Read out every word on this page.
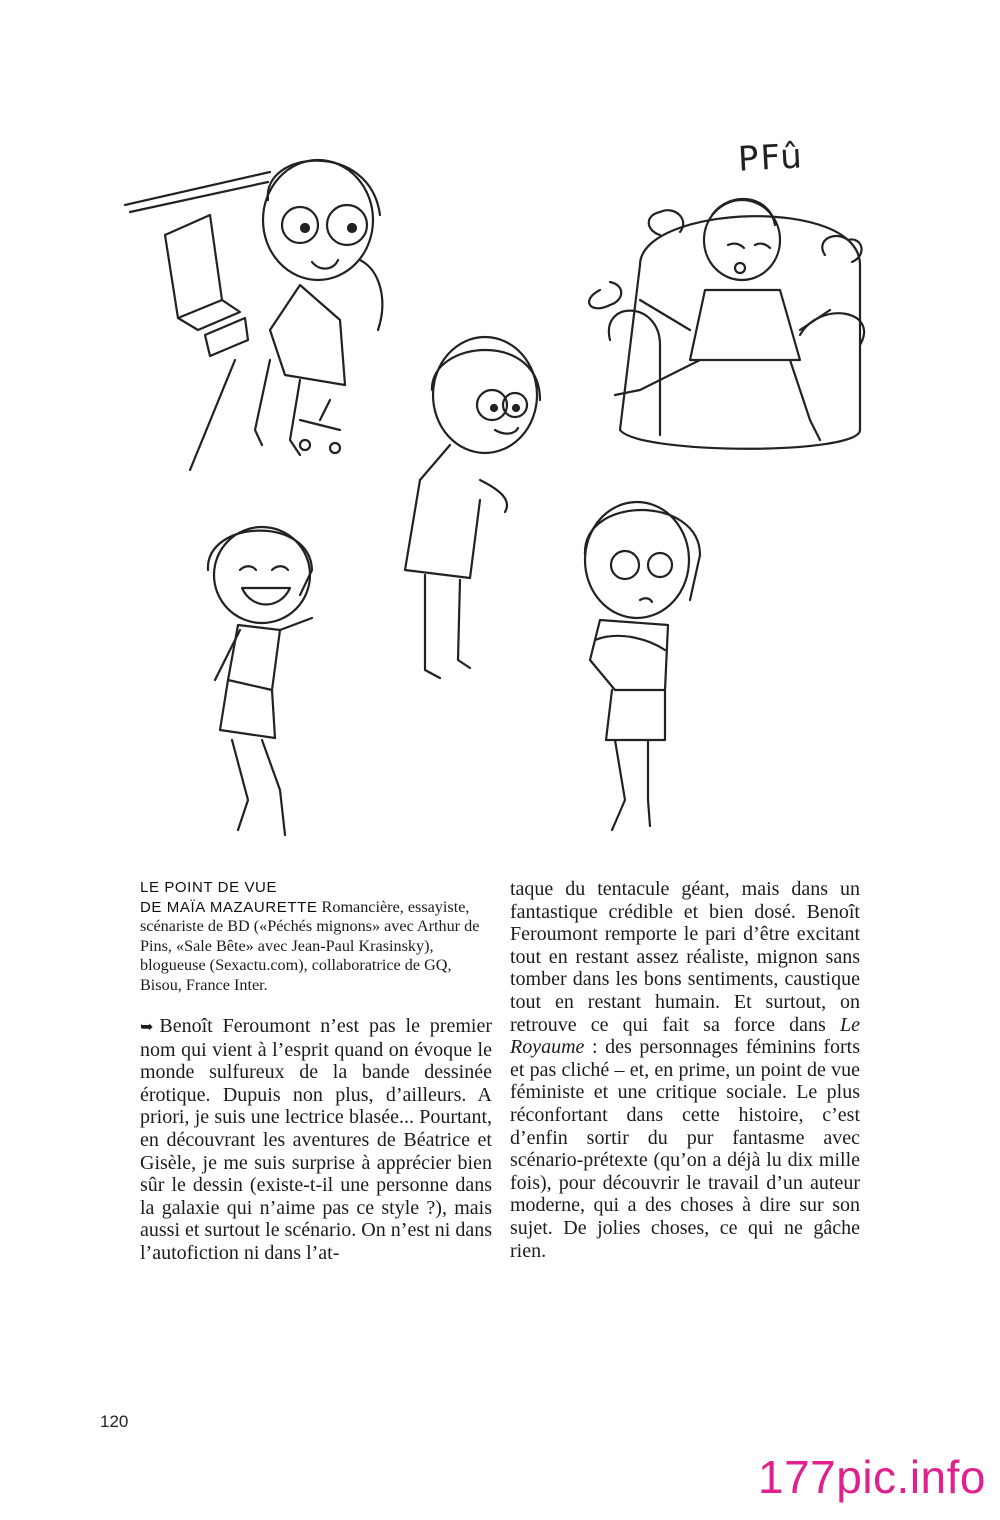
PFû

LE POINT DE VUE
DE MAÏA MAZAURETTE Romancière, essayiste, scénariste de BD («Péchés mignons» avec Arthur de Pins, «Sale Bête» avec Jean-Paul Krasinsky), blogueuse (Sexactu.com), collaboratrice de GQ, Bisou, France Inter.

➥ Benoît Feroumont n’est pas le premier nom qui vient à l’esprit quand on évoque le monde sulfureux de la bande dessinée érotique. Dupuis non plus, d’ailleurs. A priori, je suis une lectrice blasée... Pourtant, en découvrant les aventures de Béatrice et Gisèle, je me suis surprise à apprécier bien sûr le dessin (existe-t-il une personne dans la galaxie qui n’aime pas ce style ?), mais aussi et surtout le scénario. On n’est ni dans l’autofiction ni dans l’at-

taque du tentacule géant, mais dans un fantastique crédible et bien dosé. Benoît Feroumont remporte le pari d’être excitant tout en restant assez réaliste, mignon sans tomber dans les bons sentiments, caustique tout en restant humain. Et surtout, on retrouve ce qui fait sa force dans Le Royaume : des personnages féminins forts et pas cliché – et, en prime, un point de vue féministe et une critique sociale. Le plus réconfortant dans cette histoire, c’est d’enfin sortir du pur fantasme avec scénario-prétexte (qu’on a déjà lu dix mille fois), pour découvrir le travail d’un auteur moderne, qui a des choses à dire sur son sujet. De jolies choses, ce qui ne gâche rien.

120
177pic.info
